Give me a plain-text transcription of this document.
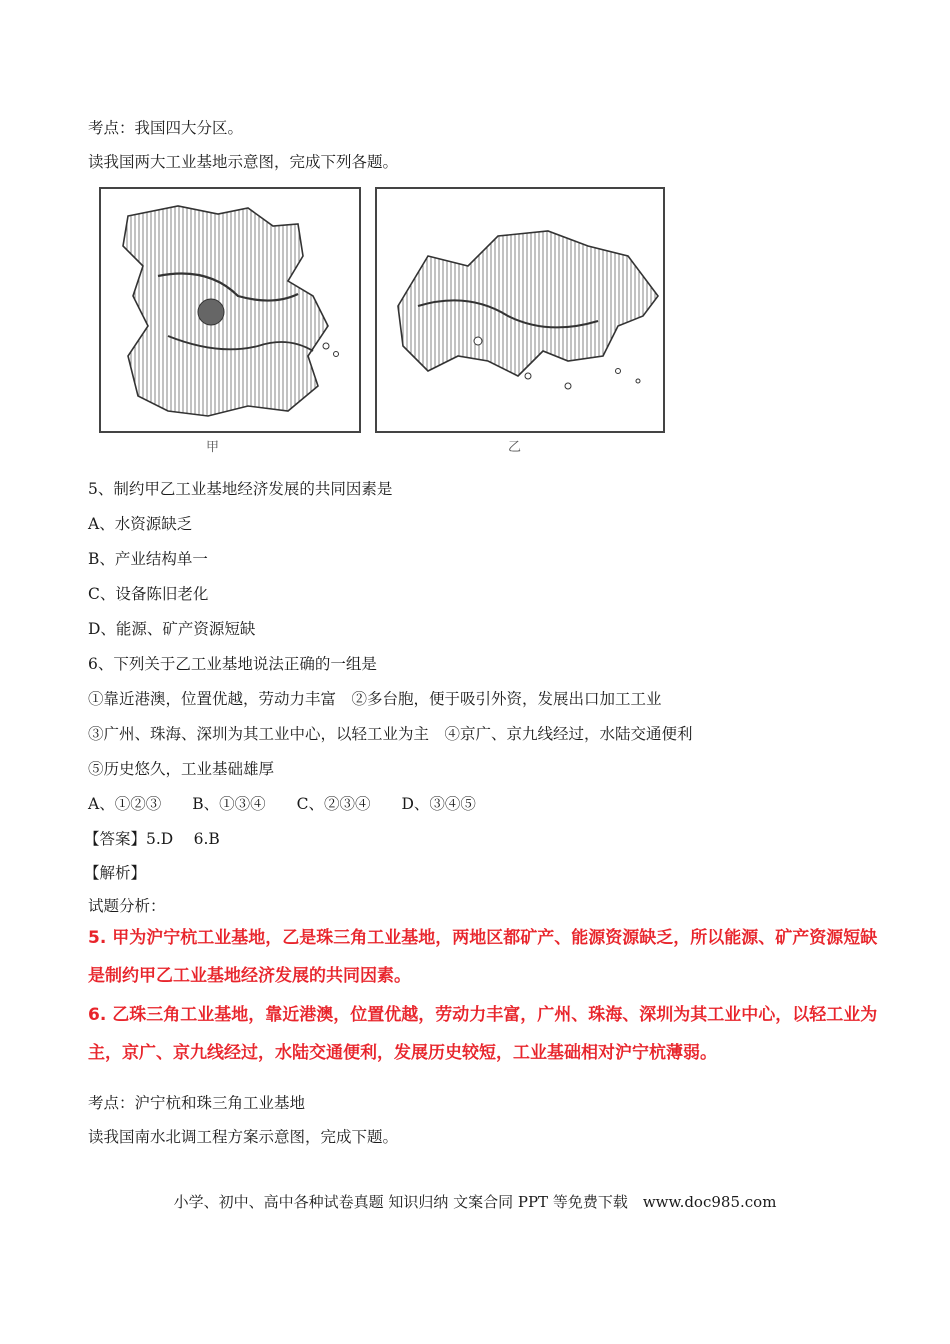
考点：我国四大分区。
读我国两大工业基地示意图，完成下列各题。
甲	乙
5、制约甲乙工业基地经济发展的共同因素是
A、水资源缺乏
B、产业结构单一
C、设备陈旧老化
D、能源、矿产资源短缺
6、下列关于乙工业基地说法正确的一组是
①靠近港澳，位置优越，劳动力丰富　②多台胞，便于吸引外资，发展出口加工工业
③广州、珠海、深圳为其工业中心，以轻工业为主　④京广、京九线经过，水陆交通便利
⑤历史悠久，工业基础雄厚
A、①②③　　B、①③④　　C、②③④　　D、③④⑤
【答案】5.D　 6.B
【解析】
试题分析：
5. 甲为沪宁杭工业基地，乙是珠三角工业基地，两地区都矿产、能源资源缺乏，所以能源、矿产资源短缺
是制约甲乙工业基地经济发展的共同因素。
6. 乙珠三角工业基地，靠近港澳，位置优越，劳动力丰富，广州、珠海、深圳为其工业中心，以轻工业为
主，京广、京九线经过，水陆交通便利，发展历史较短，工业基础相对沪宁杭薄弱。
考点：沪宁杭和珠三角工业基地
读我国南水北调工程方案示意图，完成下题。
小学、初中、高中各种试卷真题 知识归纳 文案合同 PPT 等免费下载　www.doc985.com
